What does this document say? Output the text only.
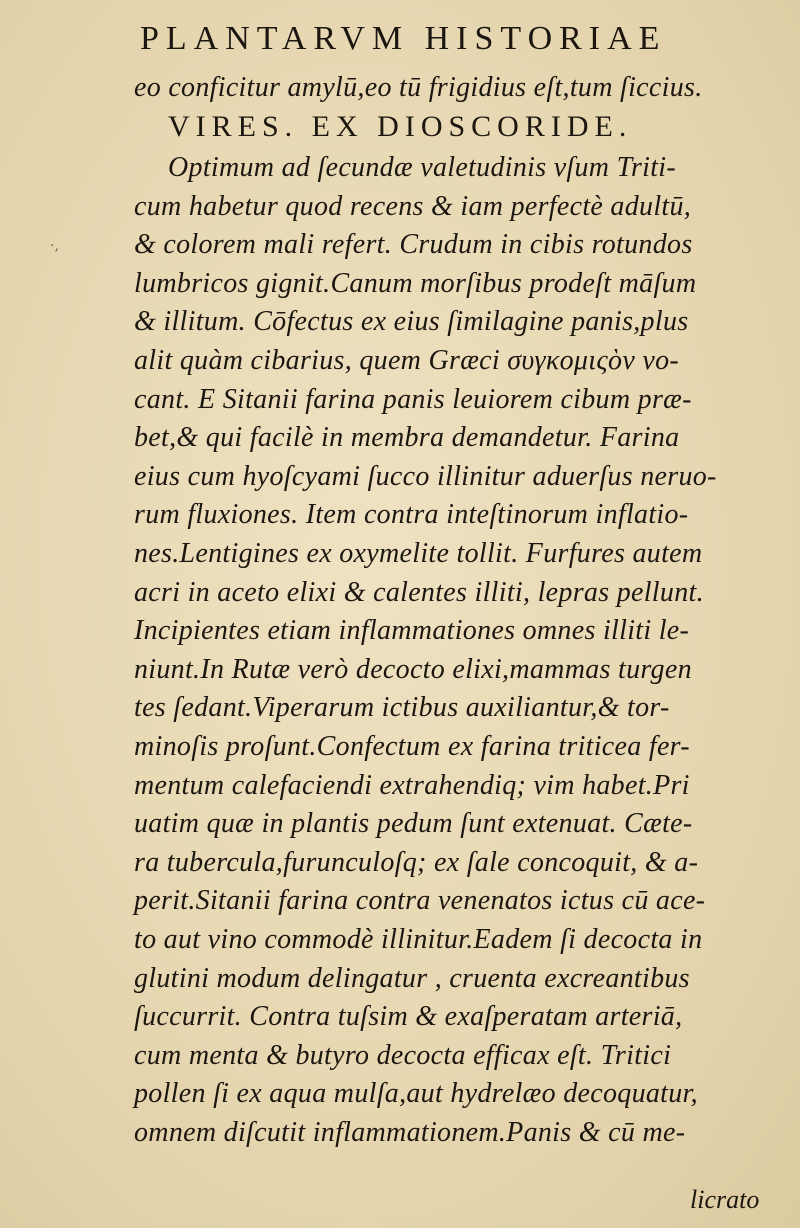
PLANTARVM HISTORIAE
eo conficitur amylū,eo tū frigidius eſt,tum ſiccius.
VIRES. EX DIOSCORIDE.
Optimum ad ſecundæ valetudinis vſum Triti-
cum habetur quod recens & iam perfectè adultū,
& colorem mali refert. Crudum in cibis rotundos
lumbricos gignit.Canum morſibus prodeſt māſum
& illitum. Cōfectus ex eius ſimilagine panis,plus
alit quàm cibarius, quem Græci συγκομιςὸν vo-
cant. E Sitanii farina panis leuiorem cibum præ-
bet,& qui facilè in membra demandetur. Farina
eius cum hyoſcyami ſucco illinitur aduerſus neruo-
rum fluxiones. Item contra inteſtinorum inflatio-
nes.Lentigines ex oxymelite tollit. Furfures autem
acri in aceto elixi & calentes illiti, lepras pellunt.
Incipientes etiam inflammationes omnes illiti le-
niunt.In Rutæ verò decocto elixi,mammas turgen
tes ſedant.Viperarum ictibus auxiliantur,& tor-
minoſis proſunt.Confectum ex farina triticea fer-
mentum calefaciendi extrahendiq; vim habet.Pri
uatim quæ in plantis pedum ſunt extenuat. Cæte-
ra tubercula,furunculoſq; ex ſale concoquit, & a-
perit.Sitanii farina contra venenatos ictus cū ace-
to aut vino commodè illinitur.Eadem ſi decocta in
glutini modum delingatur , cruenta excreantibus
ſuccurrit. Contra tuſsim & exaſperatam arteriā,
cum menta & butyro decocta efficax eſt. Tritici
pollen ſi ex aqua mulſa,aut hydrelæo decoquatur,
omnem diſcutit inflammationem.Panis & cū me-
·,
licrato
